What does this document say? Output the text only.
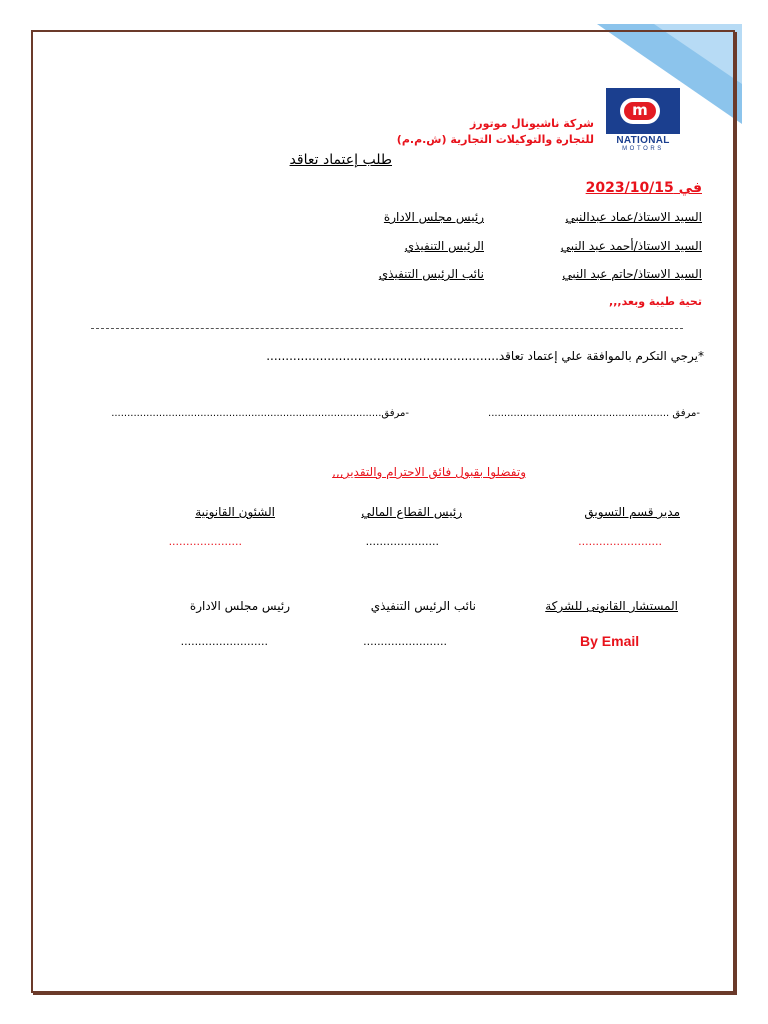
m
NATIONAL
MOTORS
شركة ناشيونال موتورز
للتجارة والتوكيلات التجارية (ش.م.م)
طلب إعتماد تعاقد
في 2023/10/15
السيد الاستاذ/عماد عبدالنبي
رئيس مجلس الادارة
السيد الاستاذ/أحمد عبد النبي
الرئيس التنفيذي
السيد الاستاذ/حاتم عبد النبي
نائب الرئيس التنفيذي
تحية طيبة وبعد,,,
*يرجي التكرم بالموافقة علي إعتماد تعاقد.............................................................
-مرفق .........................................................
-مرفق.....................................................................................
وتفضلوا بقبول فائق الاحترام والتقدير,,,
مدير قسم التسويق
........................
رئيس القطاع المالي
.....................
الشئون القانونية
.....................
المستشار القانونى للشركة
By Email
نائب الرئيس التنفيذي
........................
رئيس مجلس الادارة
.........................
